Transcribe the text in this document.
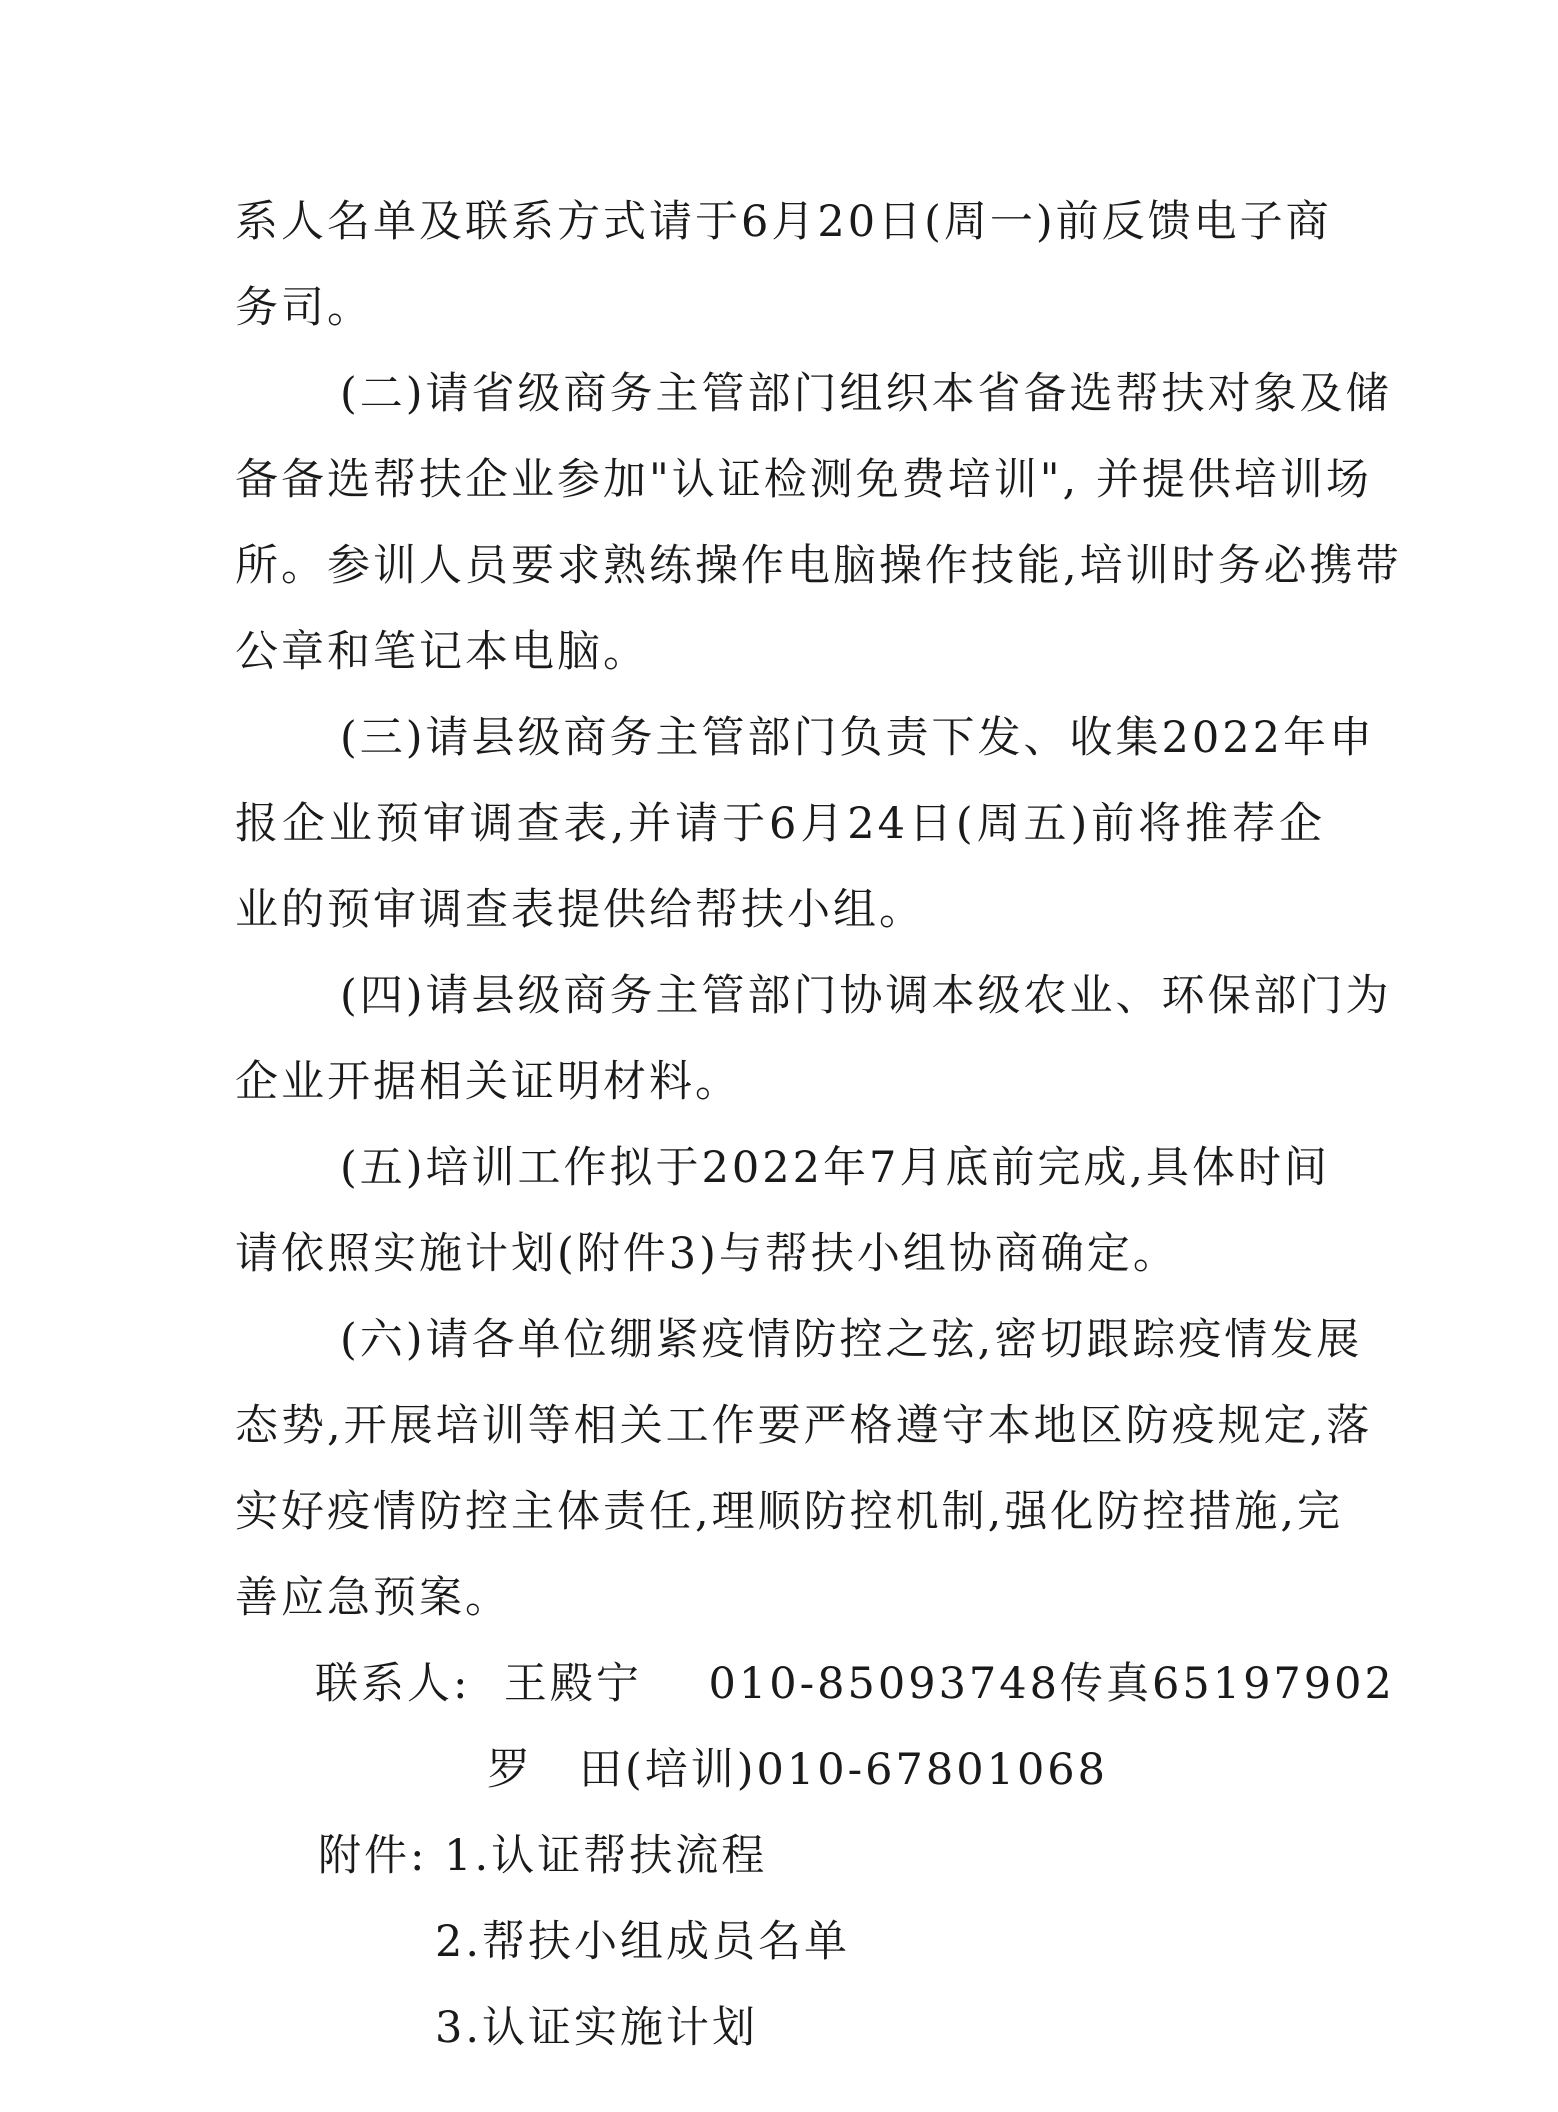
系人名单及联系方式请于6月20日(周一)前反馈电子商
务司。
(二)请省级商务主管部门组织本省备选帮扶对象及储
备备选帮扶企业参加"认证检测免费培训", 并提供培训场
所。参训人员要求熟练操作电脑操作技能,培训时务必携带
公章和笔记本电脑。
(三)请县级商务主管部门负责下发、收集2022年申
报企业预审调查表,并请于6月24日(周五)前将推荐企
业的预审调查表提供给帮扶小组。
(四)请县级商务主管部门协调本级农业、环保部门为
企业开据相关证明材料。
(五)培训工作拟于2022年7月底前完成,具体时间
请依照实施计划(附件3)与帮扶小组协商确定。
(六)请各单位绷紧疫情防控之弦,密切跟踪疫情发展
态势,开展培训等相关工作要严格遵守本地区防疫规定,落
实好疫情防控主体责任,理顺防控机制,强化防控措施,完
善应急预案。
联系人: 王殿宁 010-85093748传真65197902
罗　田(培训)010-67801068
附件: 1.认证帮扶流程
2.帮扶小组成员名单
3.认证实施计划
